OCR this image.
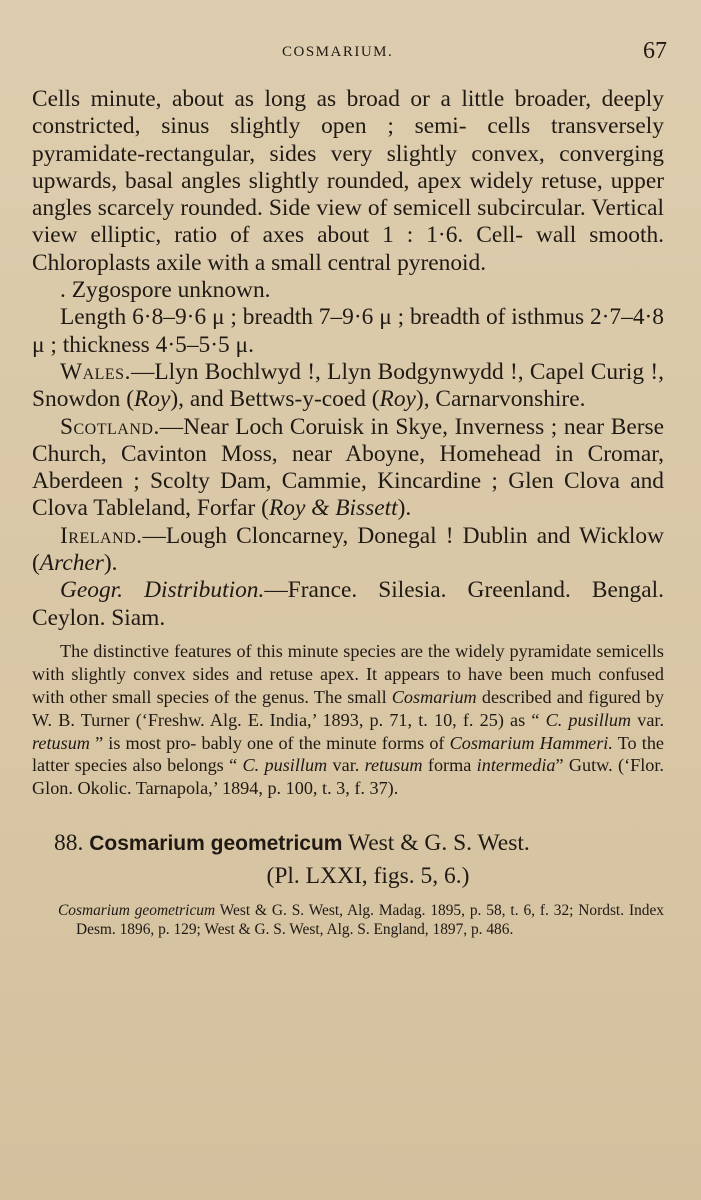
COSMARIUM.	67

Cells minute, about as long as broad or a little broader, deeply constricted, sinus slightly open ; semi- cells transversely pyramidate-rectangular, sides very slightly convex, converging upwards, basal angles slightly rounded, apex widely retuse, upper angles scarcely rounded. Side view of semicell subcircular. Vertical view elliptic, ratio of axes about 1 : 1·6. Cell- wall smooth. Chloroplasts axile with a small central pyrenoid.

. Zygospore unknown.

Length 6·8–9·6 μ ; breadth 7–9·6 μ ; breadth of isthmus 2·7–4·8 μ ; thickness 4·5–5·5 μ.

Wales.—Llyn Bochlwyd !, Llyn Bodgynwydd !, Capel Curig !, Snowdon (Roy), and Bettws-y-coed (Roy), Carnarvonshire.

Scotland.—Near Loch Coruisk in Skye, Inverness ; near Berse Church, Cavinton Moss, near Aboyne, Homehead in Cromar, Aberdeen ; Scolty Dam, Cammie, Kincardine ; Glen Clova and Clova Tableland, Forfar (Roy & Bissett).

Ireland.—Lough Cloncarney, Donegal ! Dublin and Wicklow (Archer).

Geogr. Distribution.—France. Silesia. Greenland. Bengal. Ceylon. Siam.

The distinctive features of this minute species are the widely pyramidate semicells with slightly convex sides and retuse apex. It appears to have been much confused with other small species of the genus. The small Cosmarium described and figured by W. B. Turner (‘Freshw. Alg. E. India,’ 1893, p. 71, t. 10, f. 25) as “ C. pusillum var. retusum ” is most pro- bably one of the minute forms of Cosmarium Hammeri. To the latter species also belongs “ C. pusillum var. retusum forma intermedia” Gutw. (‘Flor. Glon. Okolic. Tarnapola,’ 1894, p. 100, t. 3, f. 37).

88. Cosmarium geometricum West & G. S. West.
(Pl. LXXI, figs. 5, 6.)

Cosmarium geometricum West & G. S. West, Alg. Madag. 1895, p. 58, t. 6, f. 32; Nordst. Index Desm. 1896, p. 129; West & G. S. West, Alg. S. England, 1897, p. 486.
